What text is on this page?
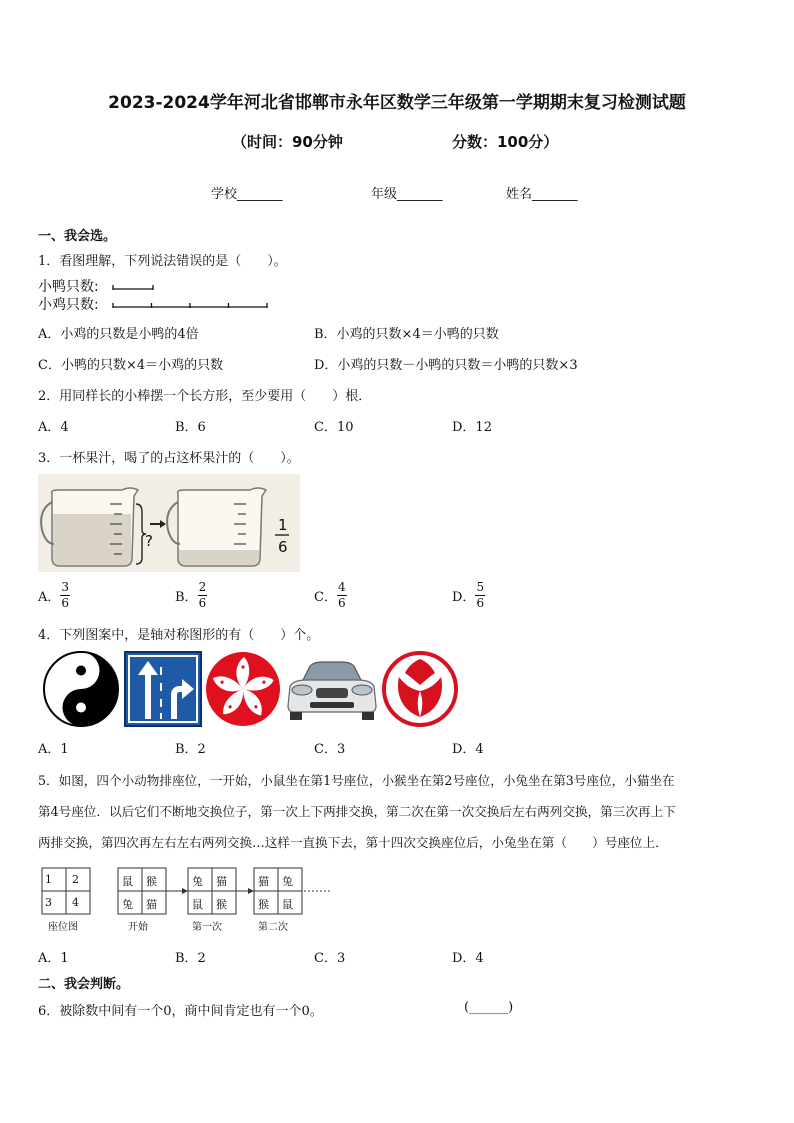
2023-2024学年河北省邯郸市永年区数学三年级第一学期期末复习检测试题
（时间：90分钟	分数：100分）
学校_______	年级_______	姓名_______
一、我会选。
1．看图理解，下列说法错误的是（　　）。
小鸭只数:
小鸡只数:
A．小鸡的只数是小鸭的4倍	B．小鸡的只数×4＝小鸭的只数
C．小鸭的只数×4＝小鸡的只数	D．小鸡的只数－小鸭的只数＝小鸭的只数×3
2．用同样长的小棒摆一个长方形，至少要用（　　）根．
A．4	B．6	C．10	D．12
3．一杯果汁，喝了的占这杯果汁的（　　）。
?
1
6
A． $\frac{3}{6}$	B． $\frac{2}{6}$	C． $\frac{4}{6}$	D． $\frac{5}{6}$
4．下列图案中，是轴对称图形的有（　　）个。
A．1	B．2	C．3	D．4
5．如图，四个小动物排座位，一开始，小鼠坐在第1号座位，小猴坐在第2号座位，小兔坐在第3号座位，小猫坐在
第4号座位．以后它们不断地交换位子，第一次上下两排交换，第二次在第一次交换后左右两列交换，第三次再上下
两排交换，第四次再左右左右两列交换…这样一直换下去，第十四次交换座位后，小兔坐在第（　　）号座位上．
1 2
3 4
座位图
鼠 猴
兔 猫
开始
兔 猫
鼠 猴
第一次
猫 兔
猴 鼠
第二次
A．1	B．2	C．3	D．4
二、我会判断。
6．被除数中间有一个0，商中间肯定也有一个0。	(______)
